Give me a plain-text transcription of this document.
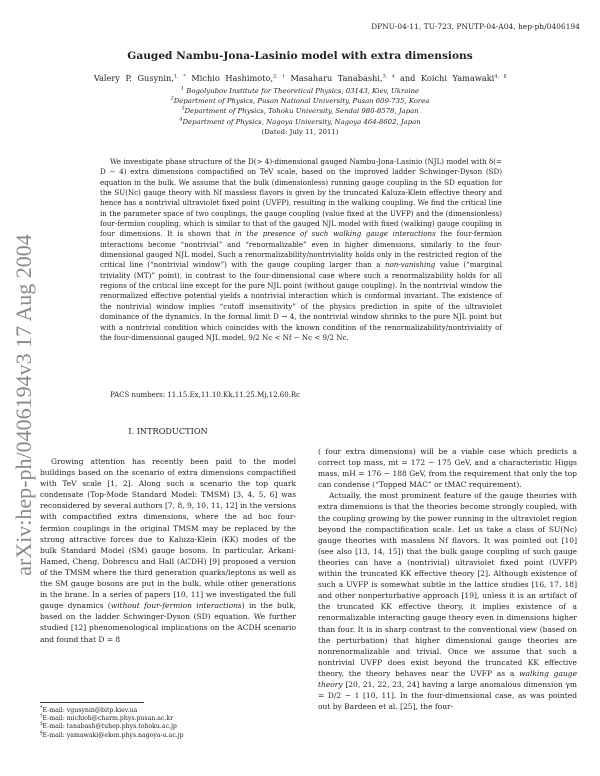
DPNU-04-11, TU-723, PNUTP-04-A04, hep-ph/0406194
arXiv:hep-ph/0406194v3 17 Aug 2004
Gauged Nambu-Jona-Lasinio model with extra dimensions
Valery P. Gusynin,$^{1, *}$ Michio Hashimoto,$^{2, \dagger}$ Masaharu Tanabashi,$^{3, \ddagger}$ and Koichi Yamawaki$^{4, \S}$
$^1$ Bogolyubov Institute for Theoretical Physics, 03143, Kiev, Ukraine
$^2$Department of Physics, Pusan National University, Pusan 609-735, Korea
$^3$Department of Physics, Tohoku University, Sendai 980-8578, Japan
$^4$Department of Physics, Nagoya University, Nagoya 464-8602, Japan
(Dated: July 11, 2011)
We investigate phase structure of the D(> 4)-dimensional gauged Nambu-Jona-Lasinio (NJL) model with δ(= D − 4) extra dimensions compactified on TeV scale, based on the improved ladder Schwinger-Dyson (SD) equation in the bulk. We assume that the bulk (dimensionless) running gauge coupling in the SD equation for the SU(Nc) gauge theory with Nf massless flavors is given by the truncated Kaluza-Klein effective theory and hence has a nontrivial ultraviolet fixed point (UVFP), resulting in the walking coupling. We find the critical line in the parameter space of two couplings, the gauge coupling (value fixed at the UVFP) and the (dimensionless) four-fermion coupling, which is similar to that of the gauged NJL model with fixed (walking) gauge coupling in four dimensions. It is shown that in the presence of such walking gauge interactions the four-fermion interactions become “nontrivial” and “renormalizable” even in higher dimensions, similarly to the four-dimensional gauged NJL model. Such a renormalizability/nontriviality holds only in the restricted region of the critical line (“nontrivial window”) with the gauge coupling larger than a non-vanishing value (“marginal triviality (MT)” point), in contrast to the four-dimensional case where such a renormalizability holds for all regions of the critical line except for the pure NJL point (without gauge coupling). In the nontrivial window the renormalized effective potential yields a nontrivial interaction which is conformal invariant. The existence of the nontrivial window implies “cutoff insensitivity” of the physics prediction in spite of the ultraviolet dominance of the dynamics. In the formal limit D → 4, the nontrivial window shrinks to the pure NJL point but with a nontrivial condition which coincides with the known condition of the renormalizability/nontriviality of the four-dimensional gauged NJL model, 9/2 Nc < Nf − Nc < 9/2 Nc.
PACS numbers: 11.15.Ex,11.10.Kk,11.25.Mj,12.60.Rc
I. INTRODUCTION

Growing attention has recently been paid to the model buildings based on the scenario of extra dimensions compactified with TeV scale [1, 2]. Along such a scenario the top quark condensate (Top-Mode Standard Model: TMSM) [3, 4, 5, 6] was reconsidered by several authors [7, 8, 9, 10, 11, 12] in the versions with compactified extra dimensions, where the ad hoc four-fermion couplings in the original TMSM may be replaced by the strong attractive forces due to Kaluza-Klein (KK) modes of the bulk Standard Model (SM) gauge bosons. In particular, Arkani-Hamed, Cheng, Dobrescu and Hall (ACDH) [9] proposed a version of the TMSM where the third generation quarks/leptons as well as the SM gauge bosons are put in the bulk, while other generations in the brane. In a series of papers [10, 11] we investigated the full gauge dynamics (without four-fermion interactions) in the bulk, based on the ladder Schwinger-Dyson (SD) equation. We further studied [12] phenomenological implications on the ACDH scenario and found that D = 8

( four extra dimensions) will be a viable case which predicts a correct top mass, mt = 172 − 175 GeV, and a characteristic Higgs mass, mH = 176 − 188 GeV, from the requirement that only the top can condense (“Topped MAC” or tMAC requirement).

Actually, the most prominent feature of the gauge theories with extra dimensions is that the theories become strongly coupled, with the coupling growing by the power running in the ultraviolet region beyond the compactification scale. Let us take a class of SU(Nc) gauge theories with massless Nf flavors. It was pointed out [10] (see also [13, 14, 15]) that the bulk gauge coupling of such gauge theories can have a (nontrivial) ultraviolet fixed point (UVFP) within the truncated KK effective theory [2]. Although existence of such a UVFP is somewhat subtle in the lattice studies [16, 17, 18] and other nonperturbative approach [19], unless it is an artifact of the truncated KK effective theory, it implies existence of a renormalizable interacting gauge theory even in dimensions higher than four. It is in sharp contrast to the conventional view (based on the perturbation) that higher dimensional gauge theories are nonrenormalizable and trivial. Once we assume that such a nontrivial UVFP does exist beyond the truncated KK effective theory, the theory behaves near the UVFP as a walking gauge theory [20, 21, 22, 23, 24] having a large anomalous dimension γm = D/2 − 1 [10, 11]. In the four-dimensional case, as was pointed out by Bardeen et al. [25], the four-

*E-mail: vgusynin@bitp.kiev.ua
†E-mail: michioh@charm.phys.pusan.ac.kr
‡E-mail: tanabash@tuhep.phys.tohoku.ac.jp
§E-mail: yamawaki@eken.phys.nagoya-u.ac.jp
